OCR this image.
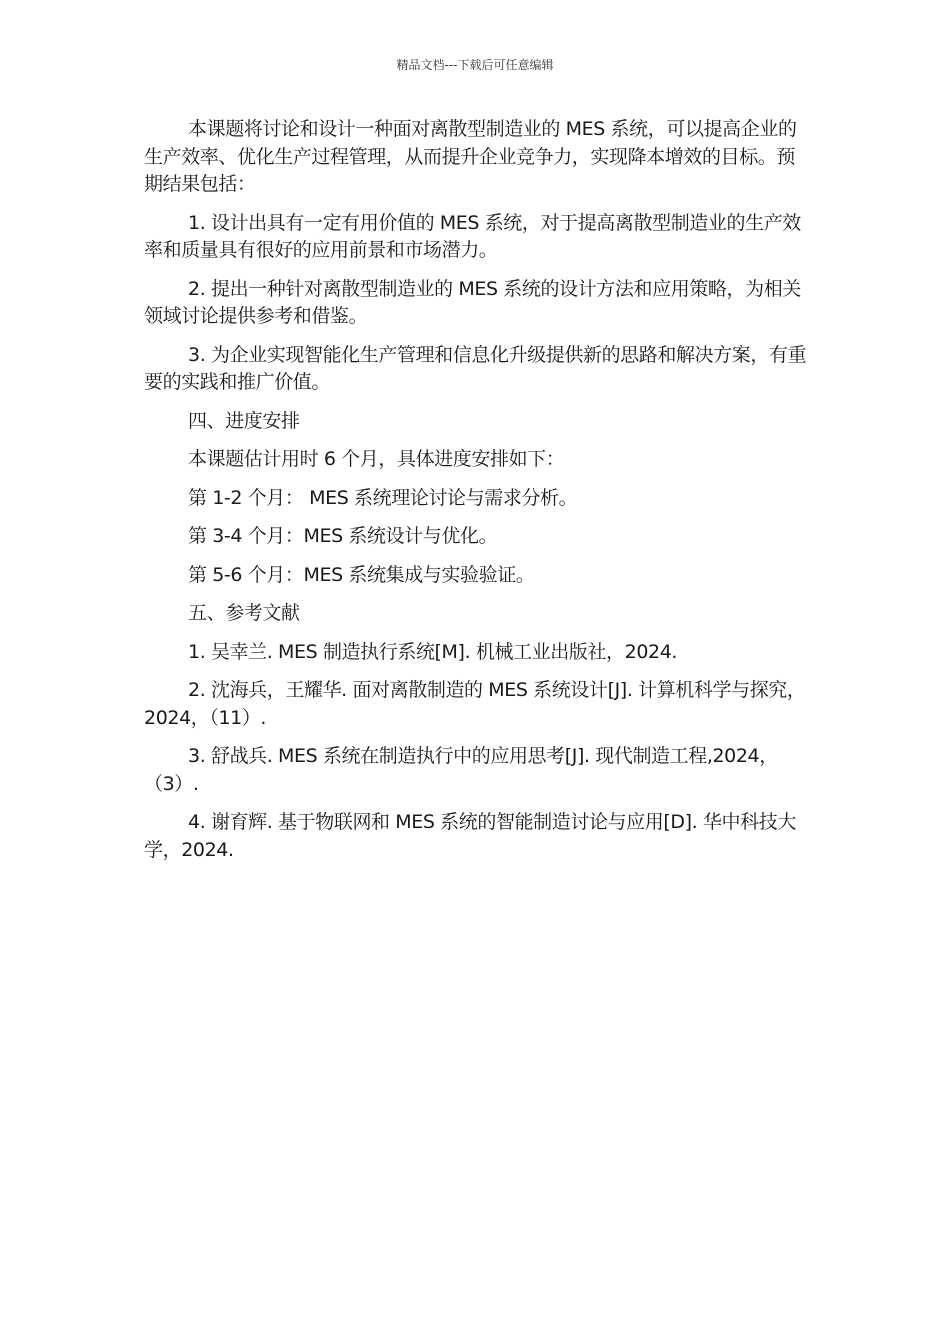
精品文档---下载后可任意编辑

本课题将讨论和设计一种面对离散型制造业的 MES 系统，可以提高企业的生产效率、优化生产过程管理，从而提升企业竞争力，实现降本增效的目标。预期结果包括：

1. 设计出具有一定有用价值的 MES 系统，对于提高离散型制造业的生产效率和质量具有很好的应用前景和市场潜力。

2. 提出一种针对离散型制造业的 MES 系统的设计方法和应用策略，为相关领域讨论提供参考和借鉴。

3. 为企业实现智能化生产管理和信息化升级提供新的思路和解决方案，有重要的实践和推广价值。

四、进度安排

本课题估计用时 6 个月，具体进度安排如下：

第 1-2 个月： MES 系统理论讨论与需求分析。

第 3-4 个月：MES 系统设计与优化。

第 5-6 个月：MES 系统集成与实验验证。

五、参考文献

1. 吴幸兰. MES 制造执行系统[M]. 机械工业出版社，2024.

2. 沈海兵，王耀华. 面对离散制造的 MES 系统设计[J]. 计算机科学与探究，2024，（11）.

3. 舒战兵. MES 系统在制造执行中的应用思考[J]. 现代制造工程,2024，（3）.

4. 谢育辉. 基于物联网和 MES 系统的智能制造讨论与应用[D]. 华中科技大学，2024.
